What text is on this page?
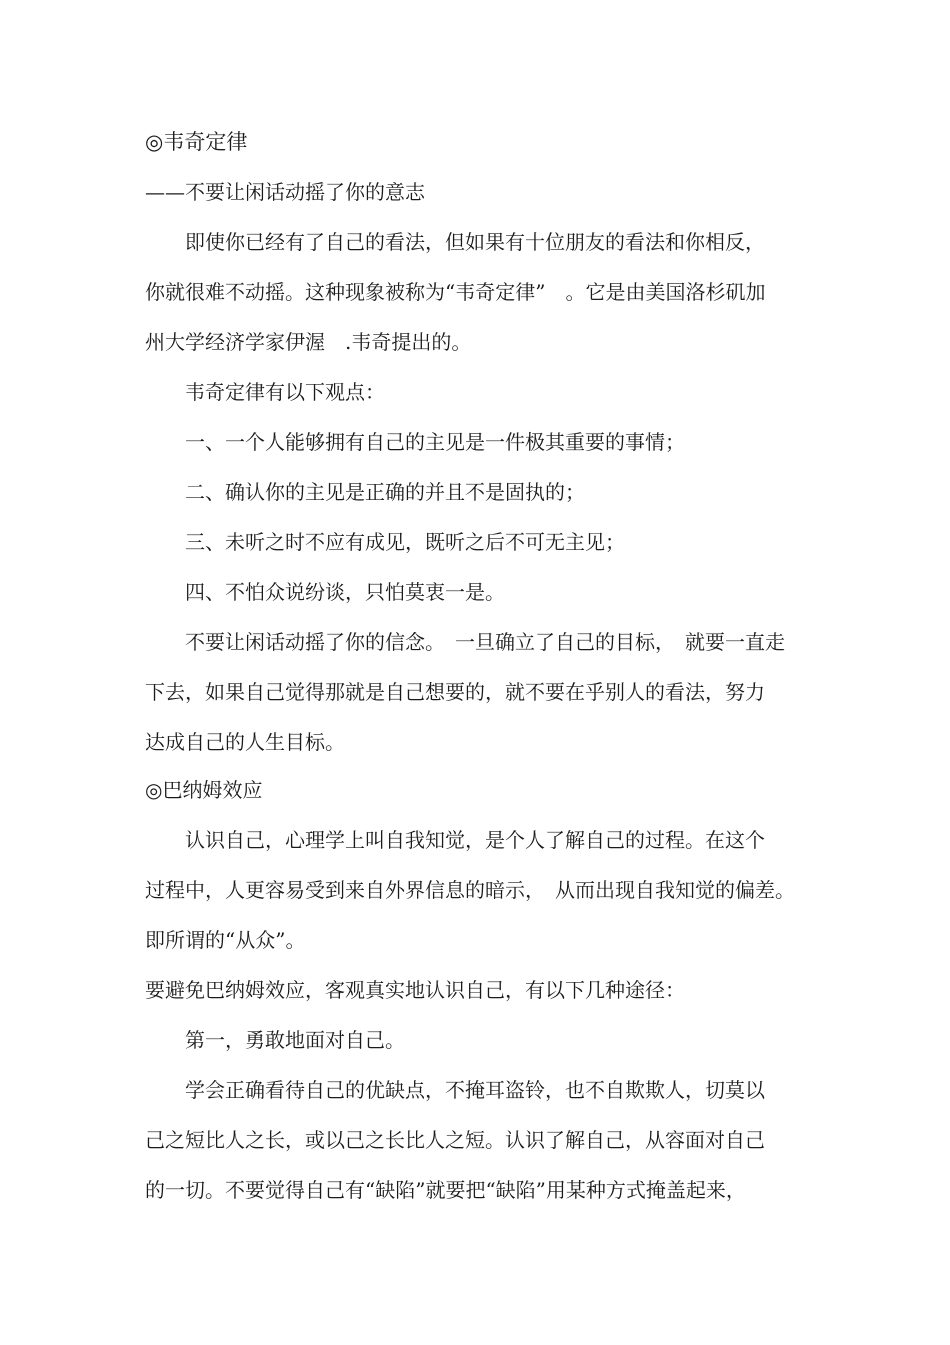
◎韦奇定律
——不要让闲话动摇了你的意志
　　即使你已经有了自己的看法，但如果有十位朋友的看法和你相反，
你就很难不动摇。这种现象被称为“韦奇定律”　。它是由美国洛杉矶加
州大学经济学家伊渥　.韦奇提出的。
　　韦奇定律有以下观点：
　　一、一个人能够拥有自己的主见是一件极其重要的事情；
　　二、确认你的主见是正确的并且不是固执的；
　　三、未听之时不应有成见，既听之后不可无主见；
　　四、不怕众说纷谈，只怕莫衷一是。
　　不要让闲话动摇了你的信念。　一旦确立了自己的目标，　就要一直走
下去，如果自己觉得那就是自己想要的，就不要在乎别人的看法，努力
达成自己的人生目标。
◎巴纳姆效应
　　认识自己，心理学上叫自我知觉，是个人了解自己的过程。在这个
过程中，人更容易受到来自外界信息的暗示，　从而出现自我知觉的偏差。
即所谓的“从众”。
要避免巴纳姆效应，客观真实地认识自己，有以下几种途径：
　　第一，勇敢地面对自己。
　　学会正确看待自己的优缺点，不掩耳盗铃，也不自欺欺人，切莫以
己之短比人之长，或以己之长比人之短。认识了解自己，从容面对自己
的一切。不要觉得自己有“缺陷”就要把“缺陷”用某种方式掩盖起来，
